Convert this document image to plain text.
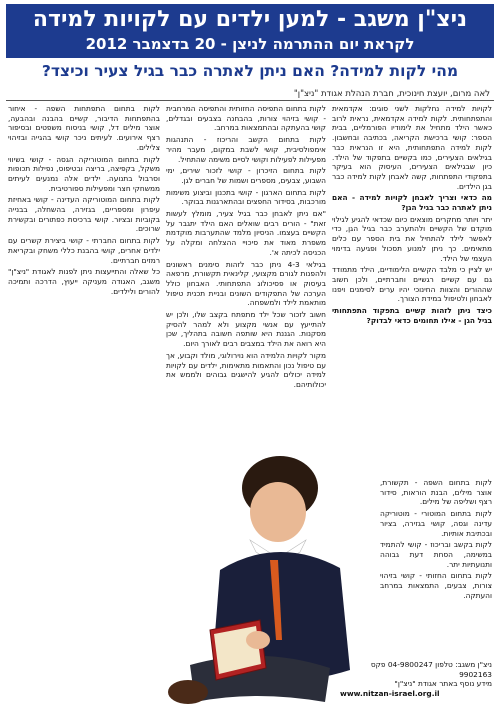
ניצ"ן משגב - למען ילדים עם לקויות למידה
לקראת יום ההתרמה לניצן - 20 בדצמבר 2012
מהי לקות למידה? האם ניתן לאתרה כבר בגיל צעיר וכיצד?
לאה מרום, יועצת חינוכית, חברת הנהלת אגודת "ניצ"ן"

לקויות למידה נחלקות לשני סוגים: אקדמאית והתפתחותית. לקות למידה אקדמאית, נראית לרוב כאשר הילד מתחיל את לימודיו הפורמליים, בבית הספר: קושי ברכישת הקריאה, בכתיבה ובחשבון. לקות למידה התפתחותית, היא זו הנראית כבר בגילאים הצעירים, כמו בקשיים בתפקוד של הילד. כיון שבגילאים הצעירים, העיסוק הוא בעיקר בתפקודי התפתחות, קשה לאבחן לקות למידה כבר בגן הילדים.

מה כדאי וצריך לאבחן לקויות למידה - האם ניתן לאתרה כבר בגיל הגן?

יתר ויותר מחקרים מוצאים כיום שכדאי להגיע לגילוי מוקדם של הקשיים ולהתערב כבר בגיל הגן, כדי לאפשר לילד להתחיל את בית הספר עם כלים מתאימים. כך ניתן למנוע תסכול ופגיעה בדימוי העצמי של הילד.

יש לציין כי מלבד הקשיים הלימודיים, הילד מתמודד גם עם קשיים רגשיים וחברתיים, ולכן חשוב שההורים והצוות החינוכי יהיו ערים לסימנים ויפנו לאבחון ולטיפול במידת הצורך.

כיצד ניתן לזהות קשיים בתפקוד התפתחותי בגיל הגן - אילו תחומים כדאי לבדוק?

לקות בתחום השפה - תקשורת, אוצר מילים, הבנת הוראות, סידור רצף ושליפה של מילים.

לקות בתחום המוטורי - מוטוריקה עדינה וגסה, קושי בגזירה, בציור ובכתיבת אותיות.

לקות בקשב ובריכוז - קושי להתמיד במשימה, הסחת דעת גבוהה ותנועתיות יתר.

לקות בתחום החזותי - קושי בזיהוי צורות, צבעים, התמצאות במרחב והעתקה.

לקות בתחום התפיסה החזותית והתפיסה המרחבית - קושי בזיהוי צורות, בהבחנה בצבעים ובגדלים, קושי בהעתקה ובהתמצאות במרחב.

לקות בתחום הקשב והריכוז - התנהגות אימפולסיבית, קושי לשבת במקום, מעבר מהיר מפעילות לפעילות וקושי לסיים משימה שהתחיל.

לקות בתחום הזיכרון - קושי לזכור שירים, ימי השבוע, צבעים, מספרים ושמות של חברים לגן.

לקות בתחום הארגון - קושי בתכנון וביצוע משימות מורכבות, בסידור החפצים ובהתארגנות בבוקר.

"אם ניתן לאבחן כבר בגיל צעיר, מומלץ לעשות זאת" - הורים רבים שואלים האם הילד יתגבר על הקשיים בעצמו. הניסיון מלמד שהתערבות מוקדמת משפרת מאוד את סיכויי ההצלחה ומקלה על הכניסה לכיתה א'.

בגילאי 4-3 ניתן כבר לזהות סימנים ראשונים ולהפנות לגורם מקצועי, קלינאית תקשורת, מרפאה בעיסוק או פסיכולוג התפתחותי. האבחון כולל הערכה של התפקודים השונים ובניית תכנית טיפול מותאמת לילד ולמשפחה.

חשוב לזכור שכל ילד מתפתח בקצב שלו, ולכן יש להתייעץ עם אנשי מקצוע ולא למהר להסיק מסקנות. הגננת היא שותפה חשובה בתהליך, שכן היא רואה את הילד במצבים רבים לאורך היום.

מקור לקויות הלמידה הוא נוירולוגי, מולד וקבוע, אך עם טיפול נכון והתאמות מתאימות, ילדים עם לקויות למידה יכולים להגיע להישגים גבוהים ולממש את יכולותיהם.

לקות בתחום התפתחות השפה - איחור בהתפתחות הדיבור, קשיים בהבנה ובהבעה, אוצר מילים דל, קושי בניסוח משפטים ובסיפור רצף אירועים. לעיתים ניכר קושי בהגייה ובזיהוי צלילים.

לקות בתחום המוטוריקה הגסה - קושי בשיווי משקל, בקפיצה, בריצה ובטיפוס, נפילות תכופות וסרבול בתנועה. ילדים אלה נמנעים לעיתים ממשחקי חצר ומפעילות ספורטיבית.

לקות בתחום המוטוריקה העדינה - קושי באחיזת עיפרון ומספריים, בגזירה, בהשחלה, בבנייה בקוביות ובציור. קושי ברכיסת כפתורים ובקשירת שרוכים.

לקות בתחום החברתי - קושי ביצירת קשרים עם ילדים אחרים, קושי בהבנת כללי משחק ובקריאת רמזים חברתיים.

כל שאלה והתייעצות ניתן לפנות לאגודת "ניצ"ן" משגב, האגודה מעניקה ייעוץ, הדרכה ותמיכה להורים ולילדים.

ניצ"ן משגב: טלפון 04-9800247 פקס 9902163
מידע נוסף באתר אגודת "ניצ"ן"
www.nitzan-israel.org.il
